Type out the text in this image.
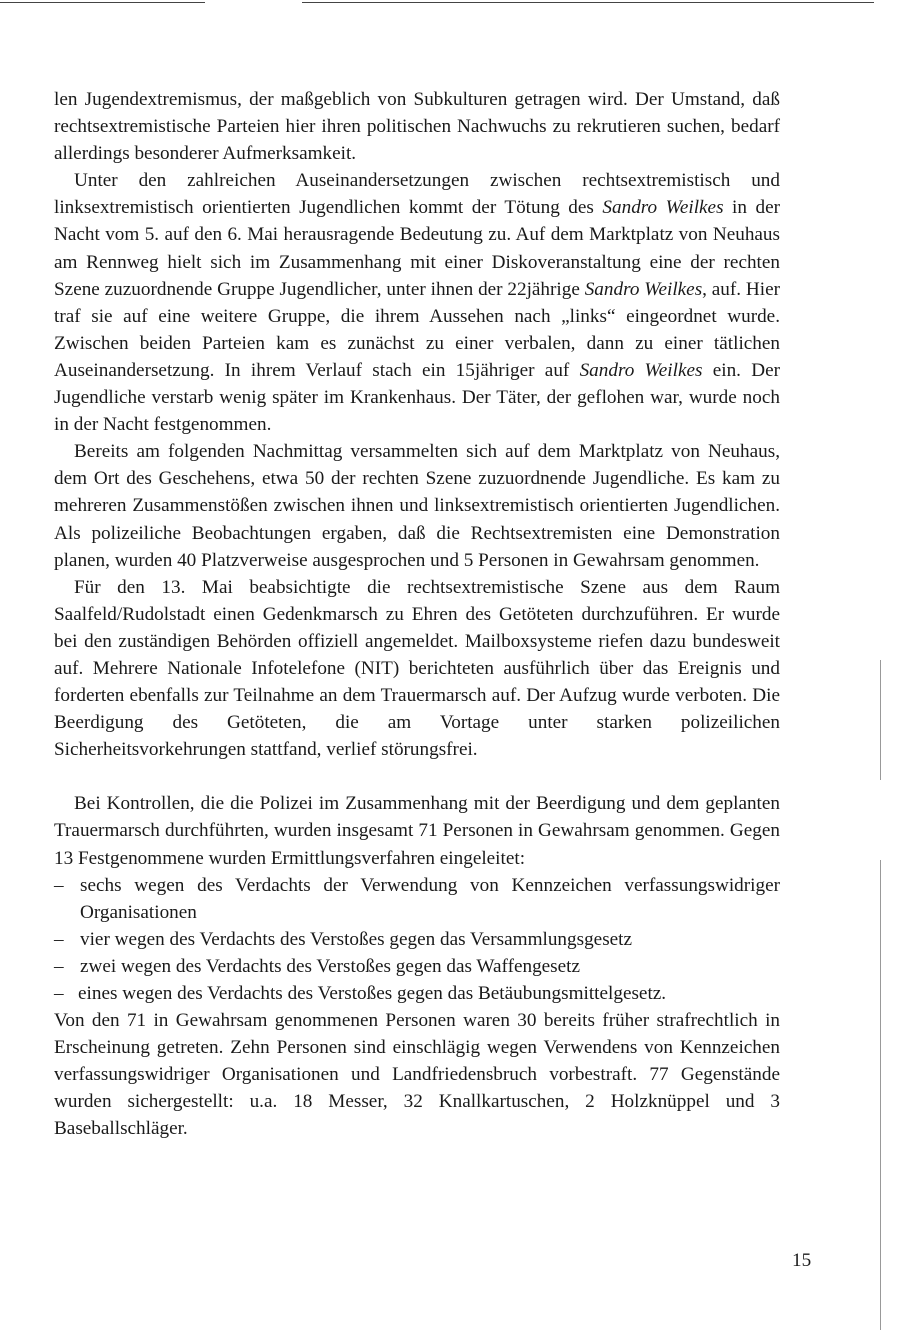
len Jugendextremismus, der maßgeblich von Subkulturen getragen wird. Der Umstand, daß rechtsextremistische Parteien hier ihren politischen Nachwuchs zu rekrutieren suchen, bedarf allerdings besonderer Aufmerksamkeit.

Unter den zahlreichen Auseinandersetzungen zwischen rechtsextremistisch und linksextremistisch orientierten Jugendlichen kommt der Tötung des Sandro Weilkes in der Nacht vom 5. auf den 6. Mai herausragende Bedeutung zu. Auf dem Marktplatz von Neuhaus am Rennweg hielt sich im Zusammenhang mit einer Diskoveranstaltung eine der rechten Szene zuzuordnende Gruppe Jugendlicher, unter ihnen der 22jährige Sandro Weilkes, auf. Hier traf sie auf eine weitere Gruppe, die ihrem Aussehen nach „links“ eingeordnet wurde. Zwischen beiden Parteien kam es zunächst zu einer verbalen, dann zu einer tätlichen Auseinandersetzung. In ihrem Verlauf stach ein 15jähriger auf Sandro Weilkes ein. Der Jugendliche verstarb wenig später im Krankenhaus. Der Täter, der geflohen war, wurde noch in der Nacht festgenommen.

Bereits am folgenden Nachmittag versammelten sich auf dem Marktplatz von Neuhaus, dem Ort des Geschehens, etwa 50 der rechten Szene zuzuordnende Jugendliche. Es kam zu mehreren Zusammenstößen zwischen ihnen und linksextremistisch orientierten Jugendlichen. Als polizeiliche Beobachtungen ergaben, daß die Rechtsextremisten eine Demonstration planen, wurden 40 Platzverweise ausgesprochen und 5 Personen in Gewahrsam genommen.

Für den 13. Mai beabsichtigte die rechtsextremistische Szene aus dem Raum Saalfeld/Rudolstadt einen Gedenkmarsch zu Ehren des Getöteten durchzuführen. Er wurde bei den zuständigen Behörden offiziell angemeldet. Mailboxsysteme riefen dazu bundesweit auf. Mehrere Nationale Infotelefone (NIT) berichteten ausführlich über das Ereignis und forderten ebenfalls zur Teilnahme an dem Trauermarsch auf. Der Aufzug wurde verboten. Die Beerdigung des Getöteten, die am Vortage unter starken polizeilichen Sicherheitsvorkehrungen stattfand, verlief störungsfrei.

Bei Kontrollen, die die Polizei im Zusammenhang mit der Beerdigung und dem geplanten Trauermarsch durchführten, wurden insgesamt 71 Personen in Gewahrsam genommen. Gegen 13 Festgenommene wurden Ermittlungsverfahren eingeleitet:

– sechs wegen des Verdachts der Verwendung von Kennzeichen verfassungswidriger Organisationen
– vier wegen des Verdachts des Verstoßes gegen das Versammlungsgesetz
– zwei wegen des Verdachts des Verstoßes gegen das Waffengesetz
– eines wegen des Verdachts des Verstoßes gegen das Betäubungsmittelgesetz.

Von den 71 in Gewahrsam genommenen Personen waren 30 bereits früher strafrechtlich in Erscheinung getreten. Zehn Personen sind einschlägig wegen Verwendens von Kennzeichen verfassungswidriger Organisationen und Landfriedensbruch vorbestraft. 77 Gegenstände wurden sichergestellt: u.a. 18 Messer, 32 Knallkartuschen, 2 Holzknüppel und 3 Baseballschläger.

15
